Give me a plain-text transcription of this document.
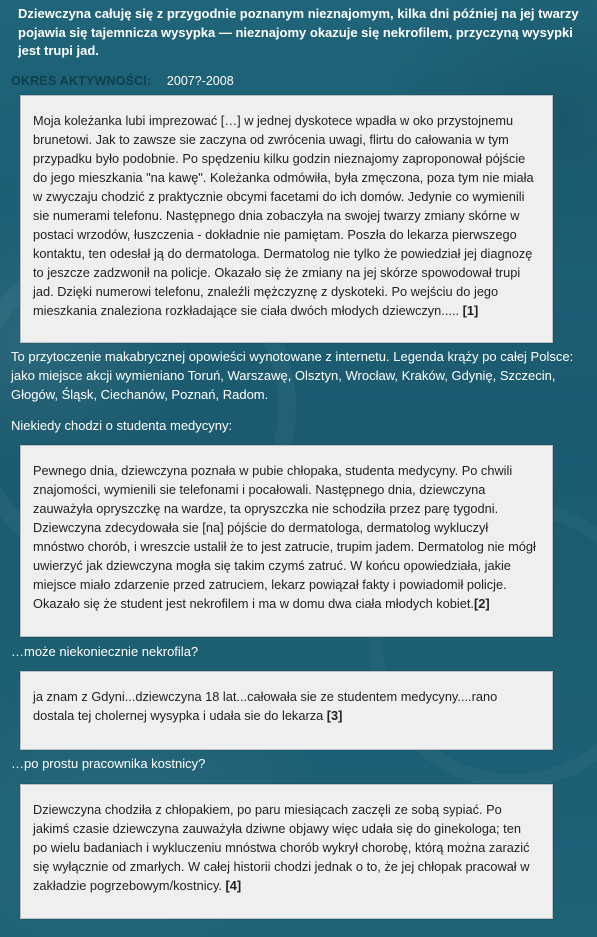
Dziewczyna całuję się z przygodnie poznanym nieznajomym, kilka dni później na jej twarzy pojawia się tajemnicza wysypka — nieznajomy okazuje się nekrofilem, przyczyną wysypki jest trupi jad.
OKRES AKTYWNOŚCI: 2007?-2008

Moja koleżanka lubi imprezować […] w jednej dyskotece wpadła w oko przystojnemu brunetowi. Jak to zawsze sie zaczyna od zwrócenia uwagi, flirtu do całowania w tym przypadku było podobnie. Po spędzeniu kilku godzin nieznajomy zaproponował pójście do jego mieszkania "na kawę". Koleżanka odmówiła, była zmęczona, poza tym nie miała w zwyczaju chodzić z praktycznie obcymi facetami do ich domów. Jedynie co wymienili sie numerami telefonu. Następnego dnia zobaczyła na swojej twarzy zmiany skórne w postaci wrzodów, łuszczenia - dokładnie nie pamiętam. Poszła do lekarza pierwszego kontaktu, ten odesłał ją do dermatologa. Dermatolog nie tylko że powiedział jej diagnozę to jeszcze zadzwonił na policje. Okazało się że zmiany na jej skórze spowodował trupi jad. Dzięki numerowi telefonu, znaleźli mężczyznę z dyskoteki. Po wejściu do jego mieszkania znaleziona rozkładające sie ciała dwóch młodych dziewczyn..... [1]

To przytoczenie makabrycznej opowieści wynotowane z internetu. Legenda krąży po całej Polsce: jako miejsce akcji wymieniano Toruń, Warszawę, Olsztyn, Wrocław, Kraków, Gdynię, Szczecin, Głogów, Śląsk, Ciechanów, Poznań, Radom.
Niekiedy chodzi o studenta medycyny:

Pewnego dnia, dziewczyna poznała w pubie chłopaka, studenta medycyny. Po chwili znajomości, wymienili sie telefonami i pocałowali. Następnego dnia, dziewczyna zauważyła opryszczkę na wardze, ta opryszczka nie schodziła przez parę tygodni. Dziewczyna zdecydowała sie [na] pójście do dermatologa, dermatolog wykluczył mnóstwo chorób, i wreszcie ustalił że to jest zatrucie, trupim jadem. Dermatolog nie mógł uwierzyć jak dziewczyna mogła się takim czymś zatruć. W końcu opowiedziała, jakie miejsce miało zdarzenie przed zatruciem, lekarz powiązał fakty i powiadomił policje. Okazało się że student jest nekrofilem i ma w domu dwa ciała młodych kobiet.[2]

…może niekoniecznie nekrofila?

ja znam z Gdyni...dziewczyna 18 lat...całowała sie ze studentem medycyny....rano dostala tej cholernej wysypka i udała sie do lekarza [3]

…po prostu pracownika kostnicy?

Dziewczyna chodziła z chłopakiem, po paru miesiącach zaczęli ze sobą sypiać. Po jakimś czasie dziewczyna zauważyła dziwne objawy więc udała się do ginekologa; ten po wielu badaniach i wykluczeniu mnóstwa chorób wykrył chorobę, którą można zarazić się wyłącznie od zmarłych. W całej historii chodzi jednak o to, że jej chłopak pracował w zakładzie pogrzebowym/kostnicy. [4]
